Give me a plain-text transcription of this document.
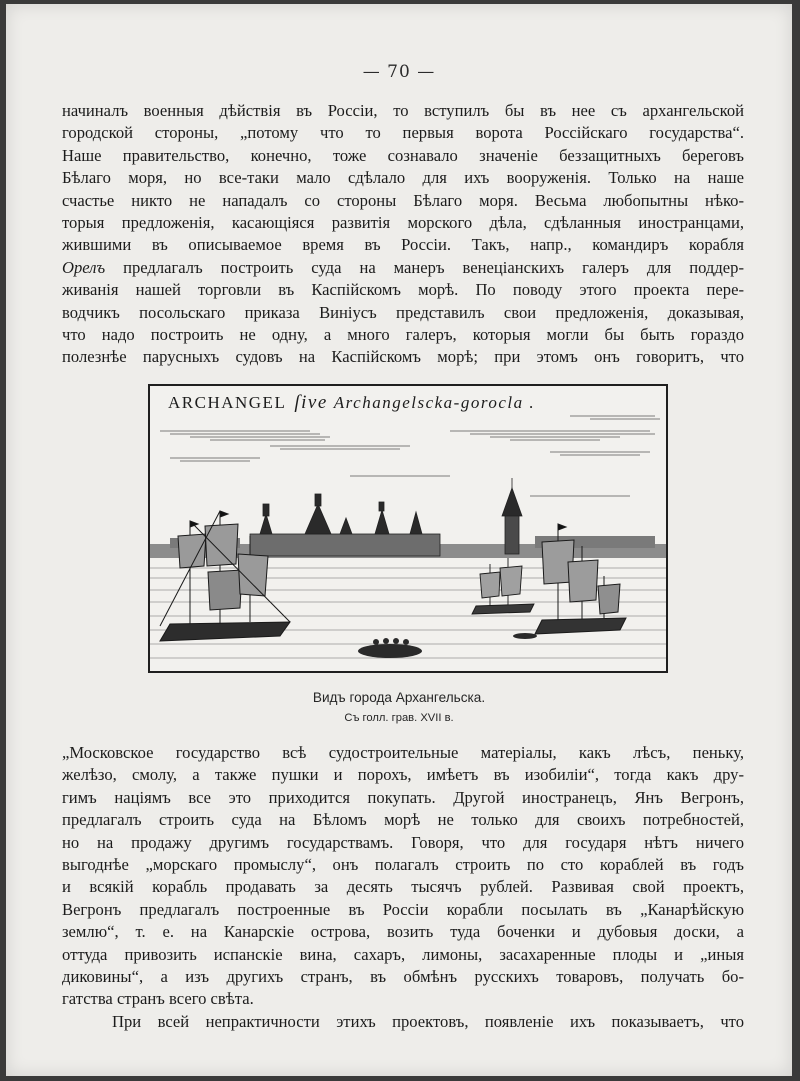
— 70 —

начиналъ военныя дѣйствія въ Россіи, то вступилъ бы въ нее съ архангельской
городской стороны, „потому что то первыя ворота Россійскаго государства“.
Наше правительство, конечно, тоже сознавало значеніе беззащитныхъ береговъ
Бѣлаго моря, но все-таки мало сдѣлало для ихъ вооруженія. Только на наше
счастье никто не нападалъ со стороны Бѣлаго моря. Весьма любопытны нѣко-
торыя предложенія, касающіяся развитія морского дѣла, сдѣланныя иностранцами,
жившими въ описываемое время въ Россіи. Такъ, напр., командиръ корабля
Орелъ предлагалъ построить суда на манеръ венеціанскихъ галеръ для поддер-
живанія нашей торговли въ Каспійскомъ морѣ. По поводу этого проекта пере-
водчикъ посольскаго приказа Виніусъ представилъ свои предложенія, доказывая,
что надо построить не одну, а много галеръ, которыя могли бы быть гораздо
полезнѣе парусныхъ судовъ на Каспійскомъ морѣ; при этомъ онъ говоритъ, что

ARCHANGEL ſive Archangelscka-gorocla .
Видъ города Архангельска.
Съ голл. грав. XVII в.

„Московское государство всѣ судостроительные матеріалы, какъ лѣсъ, пеньку,
желѣзо, смолу, а также пушки и порохъ, имѣетъ въ изобиліи“, тогда какъ дру-
гимъ націямъ все это приходится покупать. Другой иностранецъ, Янъ Вегронъ,
предлагалъ строить суда на Бѣломъ морѣ не только для своихъ потребностей,
но на продажу другимъ государствамъ. Говоря, что для государя нѣтъ ничего
выгоднѣе „морскаго промыслу“, онъ полагалъ строить по сто кораблей въ годъ
и всякій корабль продавать за десять тысячъ рублей. Развивая свой проектъ,
Вегронъ предлагалъ построенные въ Россіи корабли посылать въ „Канарѣйскую
землю“, т. е. на Канарскіе острова, возить туда боченки и дубовыя доски, а
оттуда привозить испанскіе вина, сахаръ, лимоны, засахаренные плоды и „иныя
диковины“, а изъ другихъ странъ, въ обмѣнъ русскихъ товаровъ, получать бо-
гатства странъ всего свѣта.

При всей непрактичности этихъ проектовъ, появленіе ихъ показываетъ, что
